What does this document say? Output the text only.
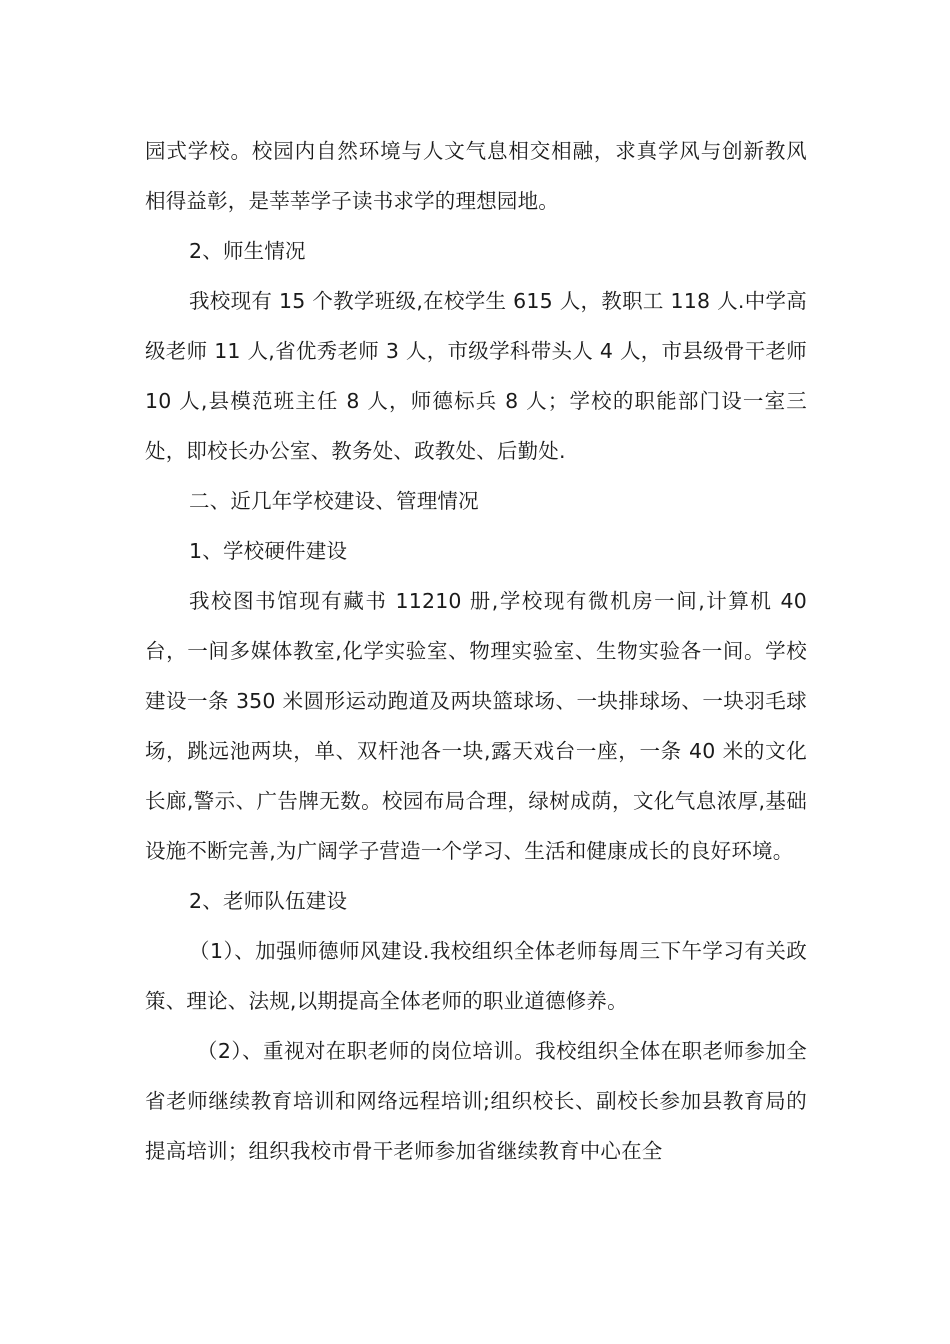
园式学校。校园内自然环境与人文气息相交相融，求真学风与创新教风相得益彰，是莘莘学子读书求学的理想园地。

2、师生情况

我校现有 15 个教学班级,在校学生 615 人，教职工 118 人.中学高级老师 11 人,省优秀老师 3 人，市级学科带头人 4 人，市县级骨干老师 10 人,县模范班主任 8 人，师德标兵 8 人；学校的职能部门设一室三处，即校长办公室、教务处、政教处、后勤处.

二、近几年学校建设、管理情况

1、学校硬件建设

我校图书馆现有藏书 11210 册,学校现有微机房一间,计算机 40 台，一间多媒体教室,化学实验室、物理实验室、生物实验各一间。学校建设一条 350 米圆形运动跑道及两块篮球场、一块排球场、一块羽毛球场，跳远池两块，单、双杆池各一块,露天戏台一座，一条 40 米的文化长廊,警示、广告牌无数。校园布局合理，绿树成荫，文化气息浓厚,基础设施不断完善,为广阔学子营造一个学习、生活和健康成长的良好环境。

2、老师队伍建设

（1）、加强师德师风建设.我校组织全体老师每周三下午学习有关政策、理论、法规,以期提高全体老师的职业道德修养。

（2）、重视对在职老师的岗位培训。我校组织全体在职老师参加全省老师继续教育培训和网络远程培训;组织校长、副校长参加县教育局的提高培训；组织我校市骨干老师参加省继续教育中心在全
